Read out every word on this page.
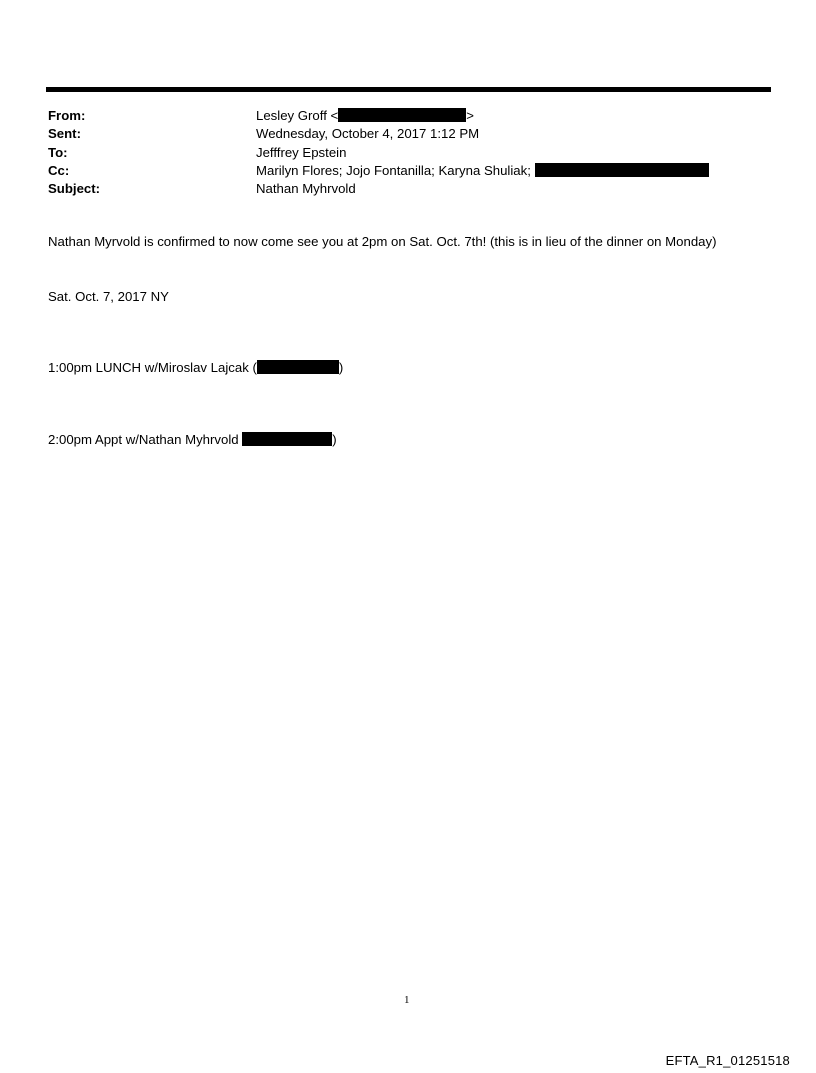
From:	Lesley Groff <	>
Sent:	Wednesday, October 4, 2017 1:12 PM
To:	Jefffrey Epstein
Cc:	Marilyn Flores; Jojo Fontanilla; Karyna Shuliak;
Subject:	Nathan Myhrvold
Nathan Myrvold is confirmed to now come see you at 2pm on Sat. Oct. 7th! (this is in lieu of the dinner on Monday)
Sat. Oct. 7, 2017 NY
1:00pm LUNCH w/Miroslav Lajcak (	)
2:00pm Appt w/Nathan Myhrvold	)
1
EFTA_R1_01251518
